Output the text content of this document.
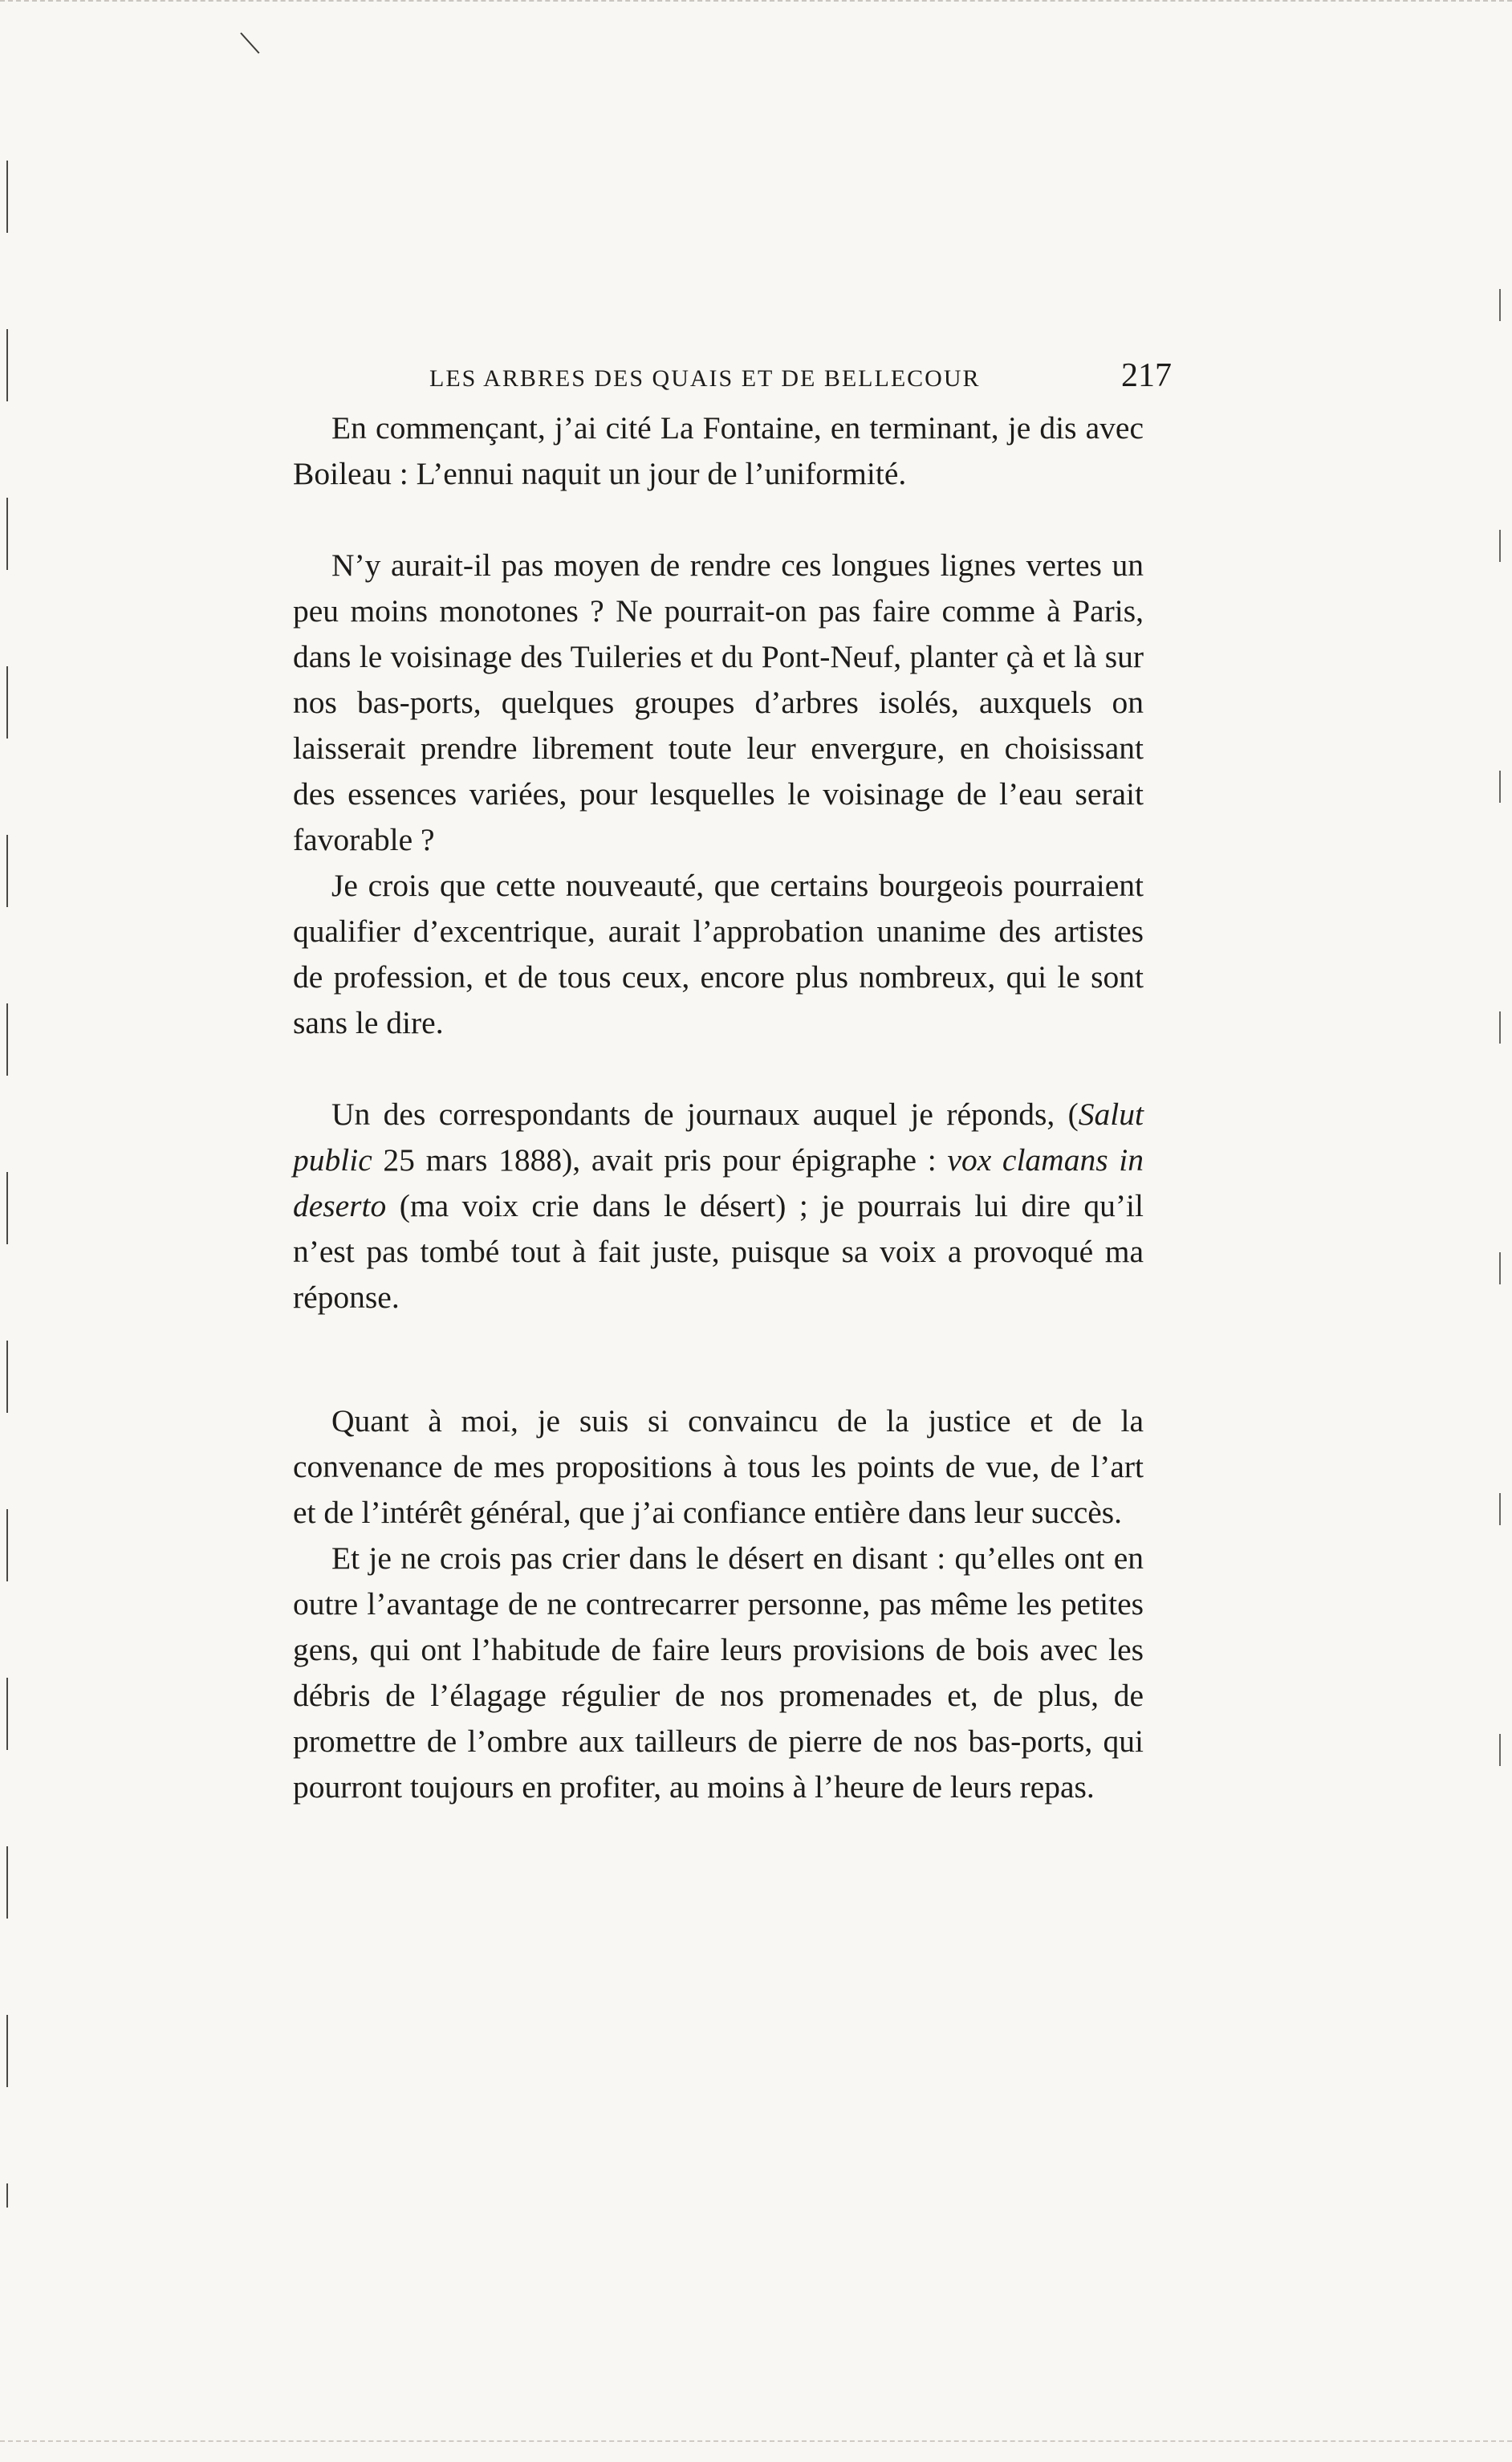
LES ARBRES DES QUAIS ET DE BELLECOUR	217

En commençant, j’ai cité La Fontaine, en terminant, je dis avec Boileau : L’ennui naquit un jour de l’uniformité.

N’y aurait-il pas moyen de rendre ces longues lignes vertes un peu moins monotones ? Ne pourrait-on pas faire comme à Paris, dans le voisinage des Tuileries et du Pont-Neuf, planter çà et là sur nos bas-ports, quelques groupes d’arbres isolés, auxquels on laisserait prendre librement toute leur envergure, en choisissant des essences variées, pour lesquelles le voisinage de l’eau serait favorable ?

Je crois que cette nouveauté, que certains bourgeois pourraient qualifier d’excentrique, aurait l’approbation unanime des artistes de profession, et de tous ceux, encore plus nombreux, qui le sont sans le dire.

Un des correspondants de journaux auquel je réponds, (Salut public 25 mars 1888), avait pris pour épigraphe : vox clamans in deserto (ma voix crie dans le désert) ; je pourrais lui dire qu’il n’est pas tombé tout à fait juste, puisque sa voix a provoqué ma réponse.

Quant à moi, je suis si convaincu de la justice et de la convenance de mes propositions à tous les points de vue, de l’art et de l’intérêt général, que j’ai confiance entière dans leur succès.

Et je ne crois pas crier dans le désert en disant : qu’elles ont en outre l’avantage de ne contrecarrer personne, pas même les petites gens, qui ont l’habitude de faire leurs provisions de bois avec les débris de l’élagage régulier de nos promenades et, de plus, de promettre de l’ombre aux tailleurs de pierre de nos bas-ports, qui pourront toujours en profiter, au moins à l’heure de leurs repas.
